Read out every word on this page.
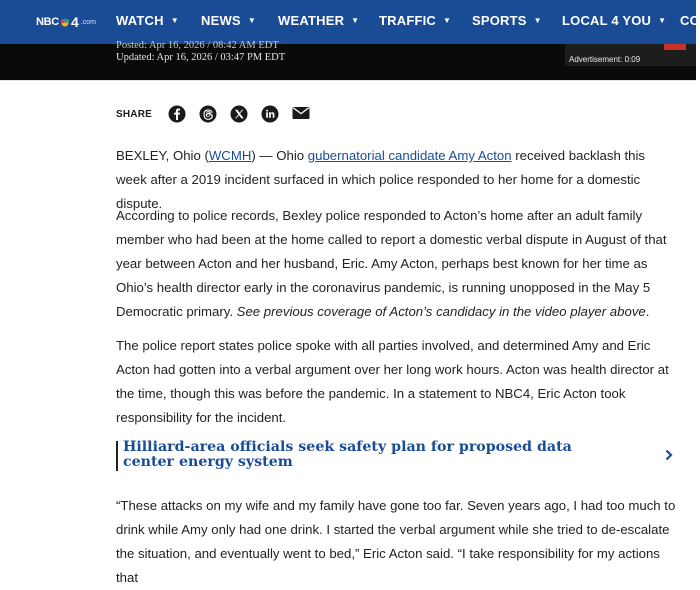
NBC 4 .com WATCH ▼ NEWS ▼ WEATHER ▼ TRAFFIC ▼ SPORTS ▼ LOCAL 4 YOU ▼ CO
Posted: Apr 16, 2026 / 08:42 AM EDT
Updated: Apr 16, 2026 / 03:47 PM EDT	Advertisement: 0:09
SHARE
BEXLEY, Ohio (WCMH) — Ohio gubernatorial candidate Amy Acton received backlash this week after a 2019 incident surfaced in which police responded to her home for a domestic dispute.
According to police records, Bexley police responded to Acton’s home after an adult family member who had been at the home called to report a domestic verbal dispute in August of that year between Acton and her husband, Eric. Amy Acton, perhaps best known for her time as Ohio’s health director early in the coronavirus pandemic, is running unopposed in the May 5 Democratic primary. See previous coverage of Acton’s candidacy in the video player above.
The police report states police spoke with all parties involved, and determined Amy and Eric Acton had gotten into a verbal argument over her long work hours. Acton was health director at the time, though this was before the pandemic. In a statement to NBC4, Eric Acton took responsibility for the incident.
Hilliard-area officials seek safety plan for proposed data center energy system
“These attacks on my wife and my family have gone too far. Seven years ago, I had too much to drink while Amy only had one drink. I started the verbal argument while she tried to de-escalate the situation, and eventually went to bed,” Eric Acton said. “I take responsibility for my actions that
